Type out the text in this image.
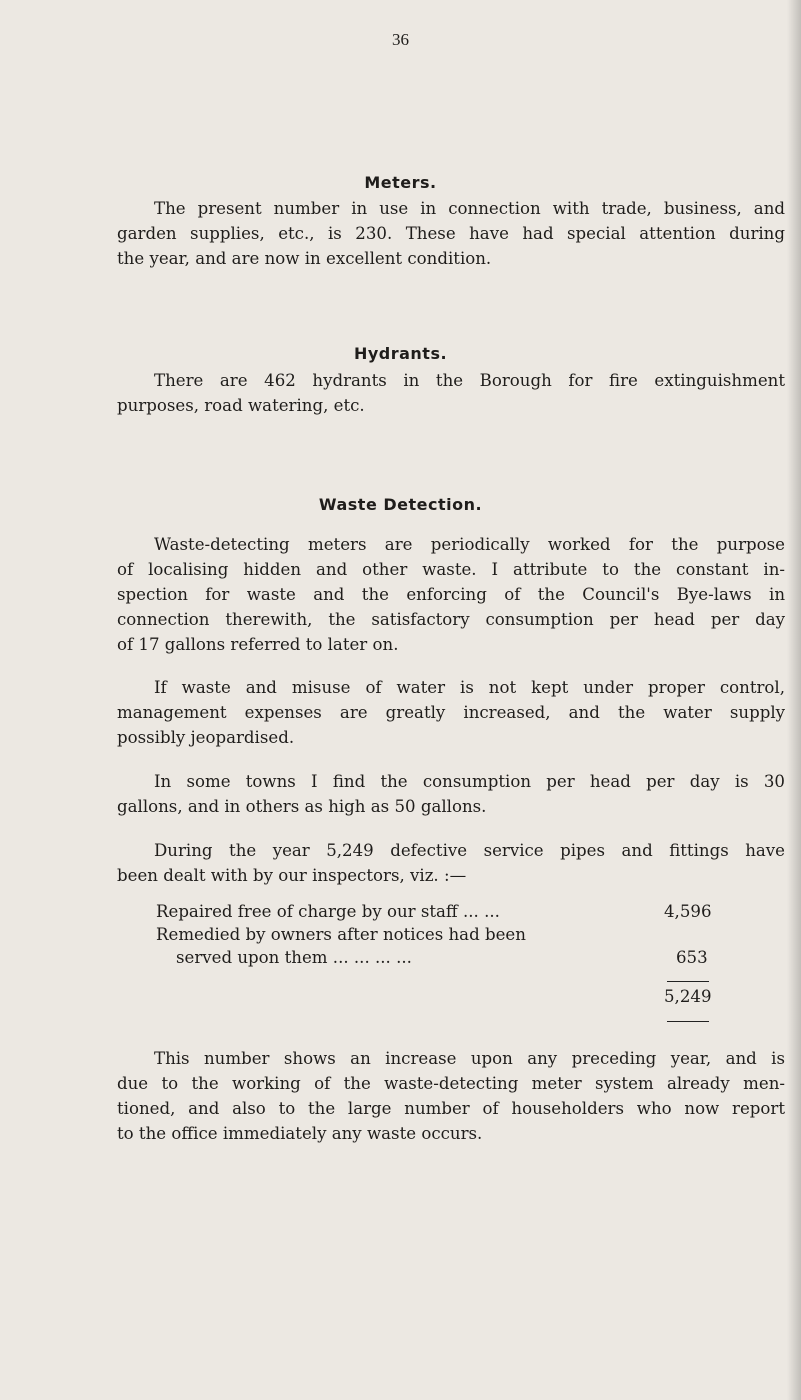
36
Meters.
The present number in use in connection with trade, business, and
garden supplies, etc., is 230. These have had special attention during
the year, and are now in excellent condition.
Hydrants.
There are 462 hydrants in the Borough for fire extinguishment
purposes, road watering, etc.
Waste Detection.
Waste-detecting meters are periodically worked for the purpose
of localising hidden and other waste. I attribute to the constant in-
spection for waste and the enforcing of the Council's Bye-laws in
connection therewith, the satisfactory consumption per head per day
of 17 gallons referred to later on.
If waste and misuse of water is not kept under proper control,
management expenses are greatly increased, and the water supply
possibly jeopardised.
In some towns I find the consumption per head per day is 30
gallons, and in others as high as 50 gallons.
During the year 5,249 defective service pipes and fittings have
been dealt with by our inspectors, viz. :—
Repaired free of charge by our staff ... ...	4,596
Remedied by owners after notices had been
served upon them ... ... ... ...	653
5,249
This number shows an increase upon any preceding year, and is
due to the working of the waste-detecting meter system already men-
tioned, and also to the large number of householders who now report
to the office immediately any waste occurs.
